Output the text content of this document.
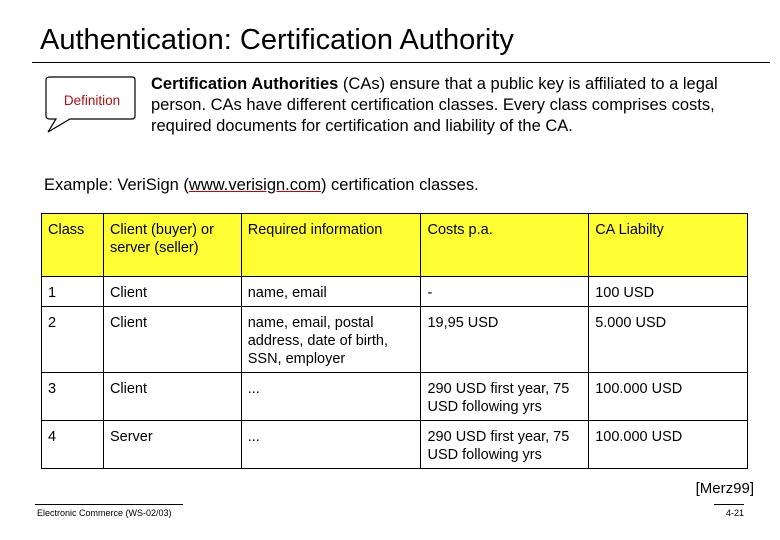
Authentication: Certification Authority
Definition
Certification Authorities (CAs) ensure that a public key is affiliated to a legal person. CAs have different certification classes. Every class comprises costs, required documents for certification and liability of the CA.
Example: VeriSign (www.verisign.com) certification classes.
Class	Client (buyer) or server (seller)	Required information	Costs p.a.	CA Liabilty
1	Client	name, email	-	100 USD
2	Client	name, email, postal address, date of birth, SSN, employer	19,95 USD	5.000 USD
3	Client	...	290 USD first year, 75 USD following yrs	100.000 USD
4	Server	...	290 USD first year, 75 USD following yrs	100.000 USD
[Merz99]
Electronic Commerce (WS-02/03)	4-21
